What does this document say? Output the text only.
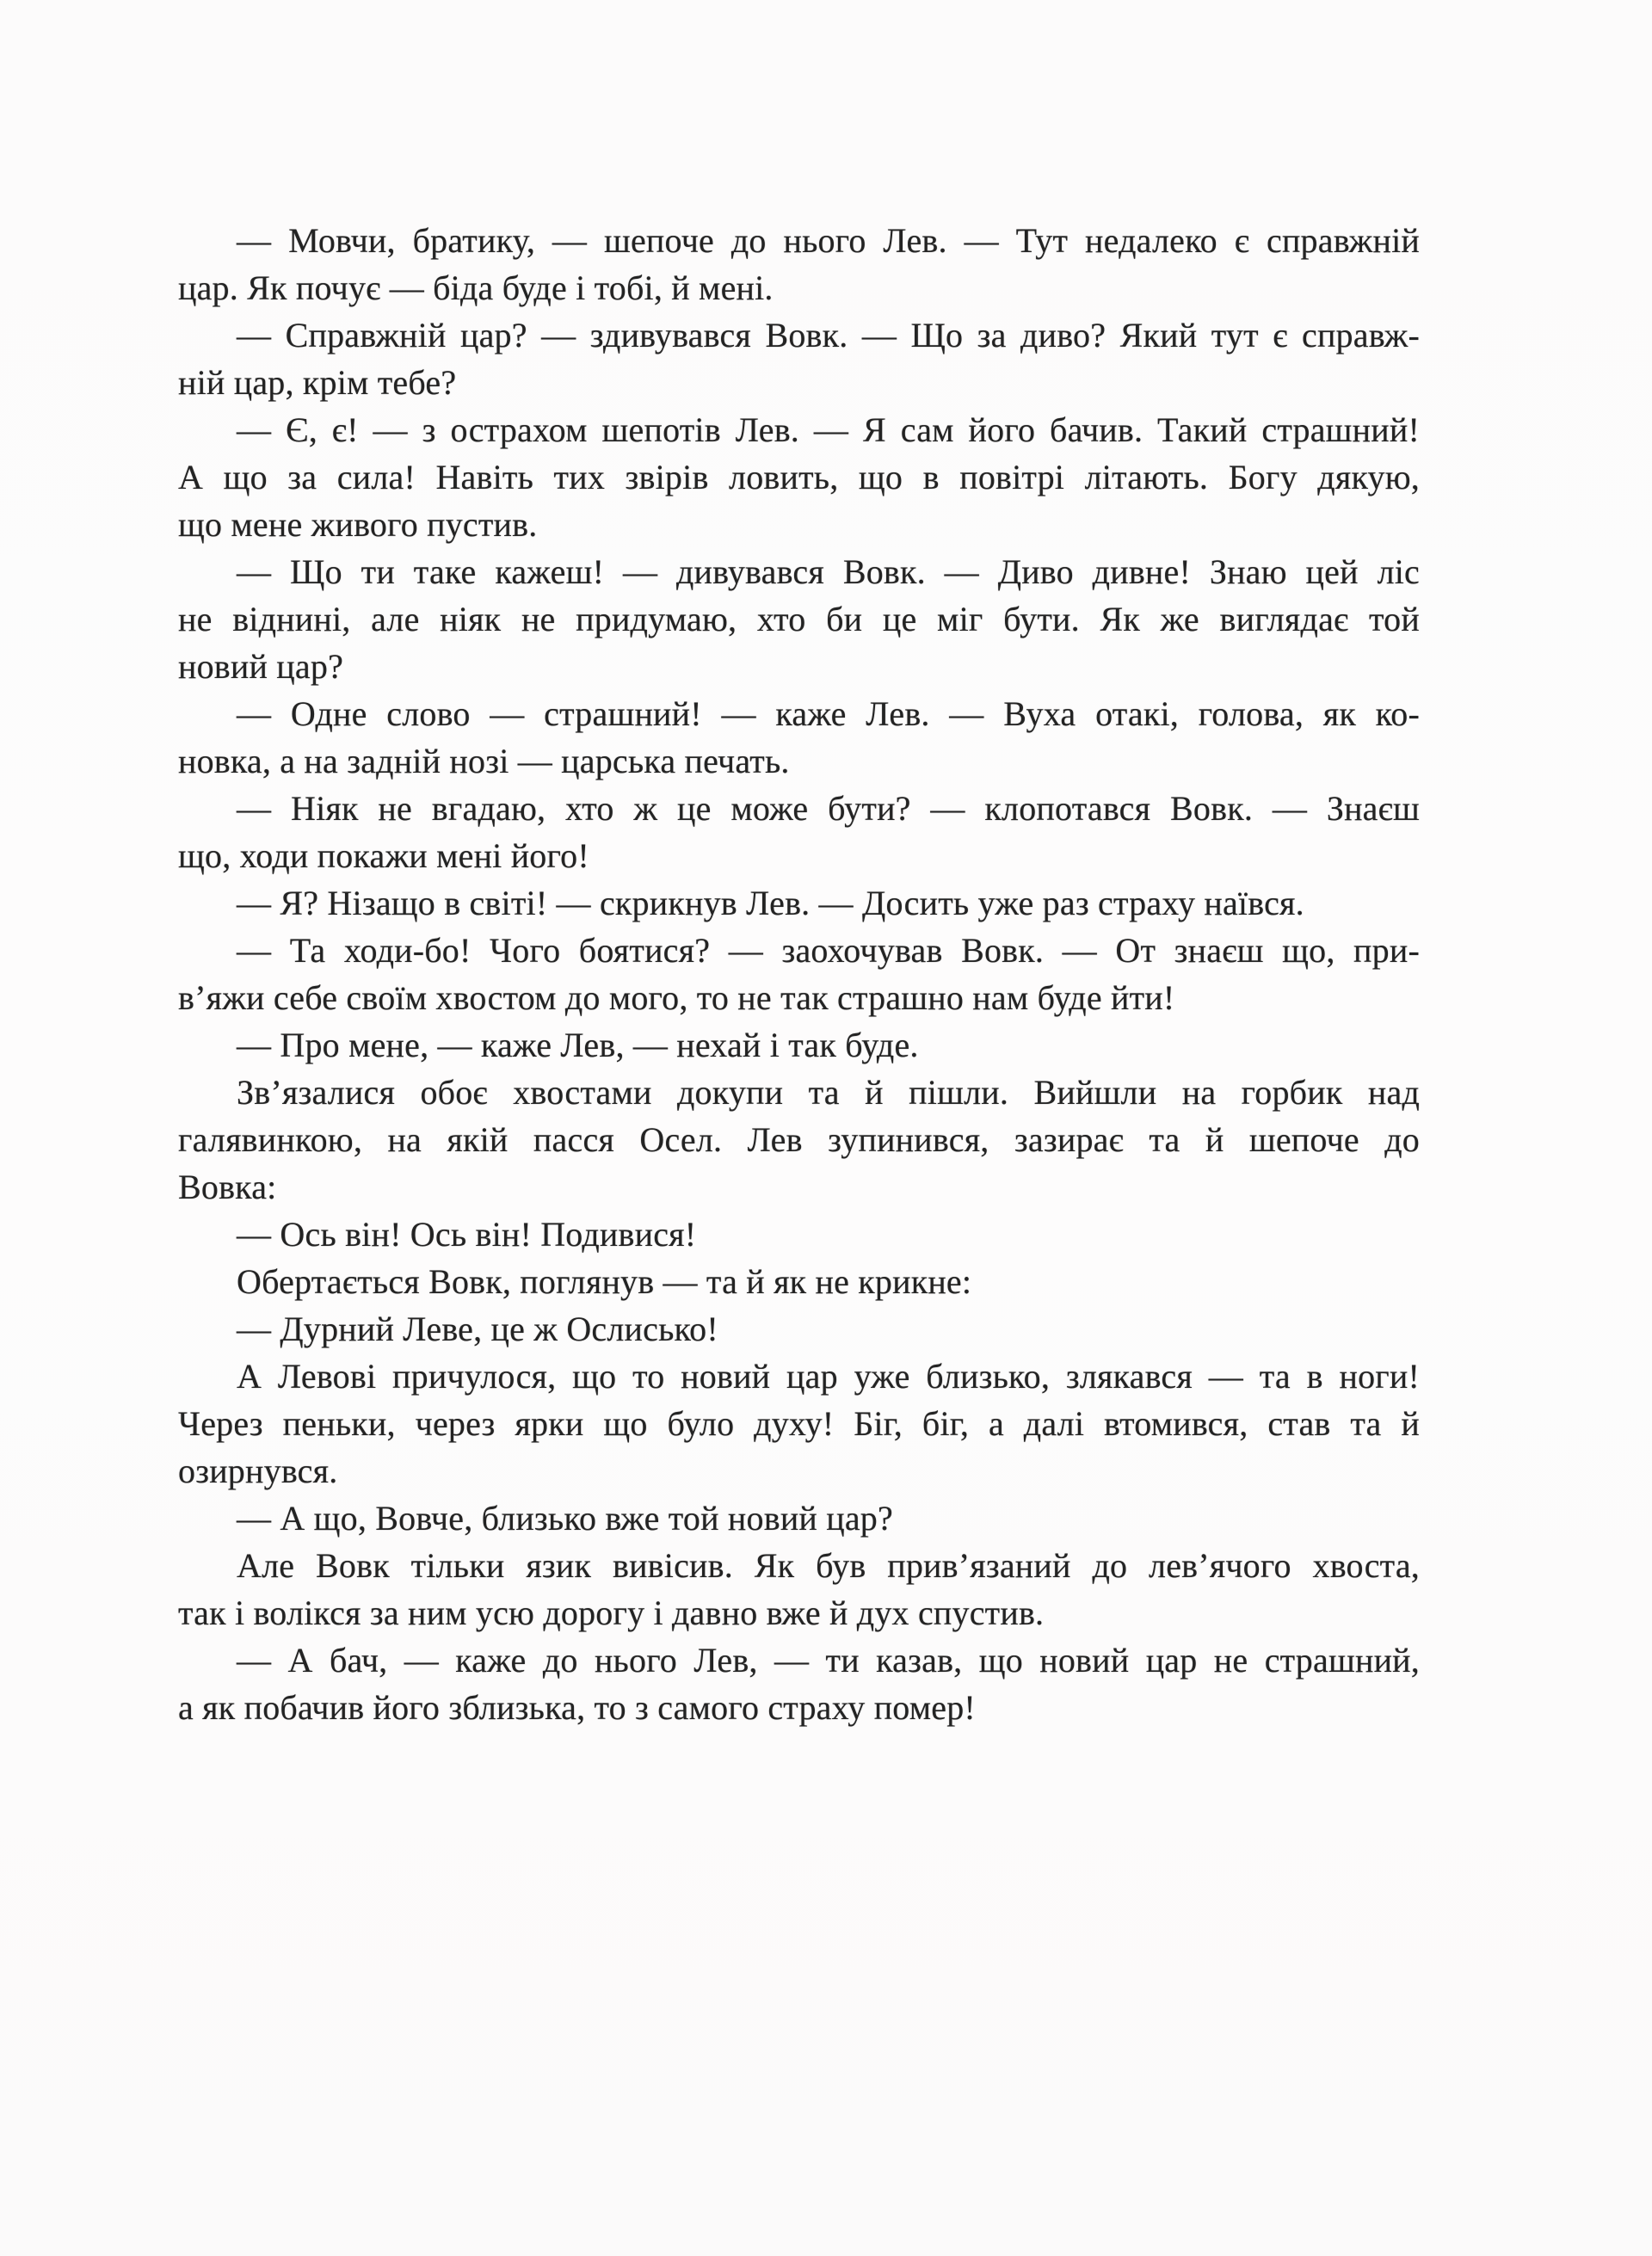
— Мовчи, братику, — шепоче до нього Лев. — Тут недалеко є справжній
цар. Як почує — біда буде і тобі, й мені.
— Справжній цар? — здивувався Вовк. — Що за диво? Який тут є справж-
ній цар, крім тебе?
— Є, є! — з острахом шепотів Лев. — Я сам його бачив. Такий страшний!
А що за сила! Навіть тих звірів ловить, що в повітрі літають. Богу дякую,
що мене живого пустив.
— Що ти таке кажеш! — дивувався Вовк. — Диво дивне! Знаю цей ліс
не віднині, але ніяк не придумаю, хто би це міг бути. Як же виглядає той
новий цар?
— Одне слово — страшний! — каже Лев. — Вуха отакі, голова, як ко-
новка, а на задній нозі — царська печать.
— Ніяк не вгадаю, хто ж це може бути? — клопотався Вовк. — Знаєш
що, ходи покажи мені його!
— Я? Нізащо в світі! — скрикнув Лев. — Досить уже раз страху наївся.
— Та ходи-бо! Чого боятися? — заохочував Вовк. — От знаєш що, при-
в’яжи себе своїм хвостом до мого, то не так страшно нам буде йти!
— Про мене, — каже Лев, — нехай і так буде.
Зв’язалися обоє хвостами докупи та й пішли. Вийшли на горбик над
галявинкою, на якій пасся Осел. Лев зупинився, зазирає та й шепоче до
Вовка:
— Ось він! Ось він! Подивися!
Обертається Вовк, поглянув — та й як не крикне:
— Дурний Леве, це ж Ослисько!
А Левові причулося, що то новий цар уже близько, злякався — та в ноги!
Через пеньки, через ярки що було духу! Біг, біг, а далі втомився, став та й
озирнувся.
— А що, Вовче, близько вже той новий цар?
Але Вовк тільки язик вивісив. Як був прив’язаний до лев’ячого хвоста,
так і волікся за ним усю дорогу і давно вже й дух спустив.
— А бач, — каже до нього Лев, — ти казав, що новий цар не страшний,
а як побачив його зблизька, то з самого страху помер!
